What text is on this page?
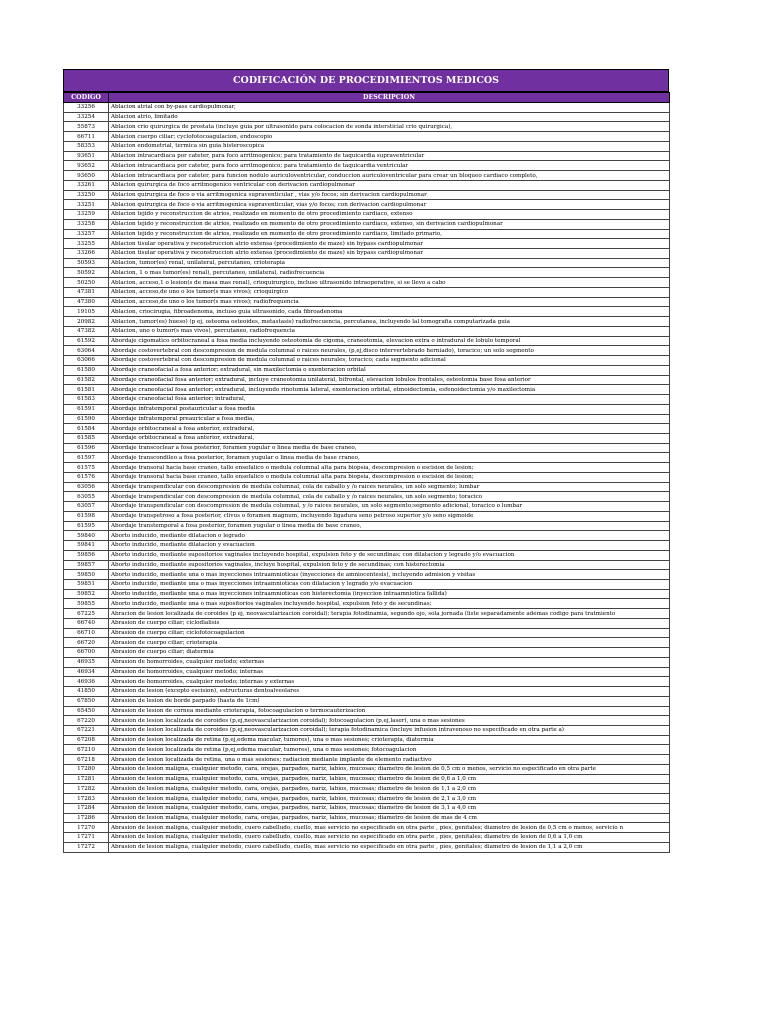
CODIFICACIÓN DE PROCEDIMIENTOS MEDICOS
CODIGO	DESCRIPCION
33256	Ablacion atrial con by-pass cardiopulmonar,
33254	Ablacion atrio, limitado
55873	Ablacion crio quirurgica de prostata (incluye guia por ultrasonido para colocacion de sonda intersticial crio quirurgica),
66711	Ablacion cuerpo ciliar; cyclofotocoagulacion, endoscopio
58353	Ablacion endometrial, termica sin guia histeroscopica
93651	Ablacion intracardiaca por cateter, para foco arritmogenico; para tratamiento de taquicardia supraventricular
93652	Ablacion intracardiaca por cateter, para foco arritmogenico; para tratamiento de taquicardia ventricular
93650	Ablacion intracardiaca por cateter, para funcion nodulo auriculoventricular, conduccion auriculoventricular para crear un bloqueo cardiaco completo,
33261	Ablacion quirurgica de foco arritmogenico ventricular con derivacion cardiopulmonar
33250	Ablacion quirurgica de foco o via arritmogenica supraventicular , vias y/o focos; sin derivacion cardiopulmonar
33251	Ablacion quirurgica de foco o via arritmogenica supraventicular, vias y/o focos; con derivacion cardiopulmonar
33259	Ablacion tejido y reconstruccion de atrios, realizado en momento de otro procedimiento cardiaco, extenso
33258	Ablacion tejido y reconstruccion de atrios, realizado en momento de otro procedimiento cardiaco, extenso, sin derivacion cardiopulmonar
33257	Ablacion tejido y reconstruccion de atrios, realizado en momento de otro procedimiento cardiaco, limitado primario,
33255	Ablacion tisular operativa y reconstruccion atrio extensa (procedimiento de maze) sin bypass cardiopulmonar
33266	Ablacion tisular operativa y reconstruccion atrio extensa (procedimiento de maze) sin bypass cardiopulmonar
50593	Ablacion, tumor(es) renal, unilateral, percutaneo, crioterapia
50592	Ablacion, 1 o mas tumor(es) renal), percutaneo, unilateral, radiofrecuencia
50250	Ablacion, acceso,1 o lesion(s de masa mas renal), crioquirurgico, incluso ultrasonido intraoperative, si se llevo a cabo
47381	Ablacion, acceso,de uno o los tumor(s mas vivos); crioquirgico
47380	Ablacion, acceso,de uno o los tumor(s mas vivos); radiofrequencia
19105	Ablacion, criocirugia, fibroadenoma, incluso guia ultrasonido, cada fibroadenoma
20982	Ablacion, tumor(es) hueso) (p ej, osteoma osteoides, metastasis) radiofrecuencia, percutanea, incluyendo lal tomografia computarizada guia
47382	Ablacion, uno o tumor(s mas vivos), percutaneo, radiofrequencia
61592	Abordaje cigomatico orbitocraneal a fosa media incluyendo osteotomia de cigoma, craneotomia, elevacion extra o intradural de lobulo temporal
63064	Abordaje costovertebral con descompresion de medula columnal o raices neurales, (p,ej,disco intervertebrado herniado), toracico; un solo segmento
63066	Abordaje costovertebral con descompresion de medula columnal o raices neurales, toracico; cada segmento adicional
61580	Abordaje craneofacial a fosa anterior; extradural, sin maxilectomia o exenteracion orbital
61582	Abordaje craneofacial fosa anterior; extradural, incluye craneotomia unilateral, bifrontal, elevacion lobulos frontales, osteotomia base fosa anterior
61581	Abordaje craneofacial fosa anterior; extradural, incluyendo rinotomia lateral, exenteracion orbital, etmoidectomia, esfenoidectomia y/o maxilectomia
61583	Abordaje craneofacial fosa anterior; intradural,
61591	Abordaje infratemporal postauricular a fosa media
61590	Abordaje infratemporal preauricular a fosa media,
61584	Abordaje orbitocraneal a fosa anterior, extradural,
61585	Abordaje orbitocraneal a fosa anterior, extradural,
61596	Abordaje transcoclear a fosa posterior, foramen yugular o linea media de base craneo,
61597	Abordaje transcondileo a fosa posterior, foramen yugular o linea media de base craneo,
61575	Abordaje transoral hacia base craneo, tallo ensefalico o medula columnal alta para biopsia, descompresion o escision de lesion;
61576	Abordaje transoral hacia base craneo, tallo ensefalico o medula columnal alta para biopsia, descompresion o escision de lesion;
63056	Abordaje transpendicular con descompresion de medula columnal, cola de caballo y /o raices neurales, un solo segmento; lumbar
63055	Abordaje transpendicular con descompresion de medula columnal, cola de caballo y /o raices neurales, un solo segmento; toracico
63057	Abordaje transpendicular con descompresion de medula columnal, y /o raices neurales, un solo segmento;segmento adicional, toracico o lumbar
61598	Abordaje transpetroso a fosa posterior, clivus o foramen magnum, incluyendo ligadura seno petroso superior y/o seno sigmoide
61595	Abordaje transtemporal a fosa posterior, foramen yugular o linea media de base craneo,
59840	Aborto inducido, mediante dilatacion o legrado
59841	Aborto inducido, mediante dilatacion y evacuacion
59856	Aborto inducido, mediante supositorios vaginales incluyendo hospital, expulsion feto y de secundinas; con dilatacion y legrado y/o evacuacion
59857	Aborto inducido, mediante supositorios vaginales, incluye hospital, expulsion feto y de secundinas; con histerectomia
59850	Aborto inducido, mediante una o mas inyecciones intraamnioticas (inyecciones de amniocentesis), incluyendo admision y visitas
59851	Aborto inducido, mediante una o mas inyecciones intraamnioticas con dilatacion y legrado y/o evacuacion
59852	Aborto inducido, mediante una o mas inyecciones intraamnioticas con histerectomia (inyeccion intraamniotica fallida)
59855	Aborto inducido, mediante una o mas supositorios vaginales incluyendo hospital, expulsion feto y de secundinas;
67225	Abracion de lesion localizada de coroides (p ej, neovascularizacion coroidal); terapia fotodinamia, segundo ojo, sola jornada (liste separadamente ademas codigo para tratmiento
66740	Abrasion de cuerpo ciliar; ciclodialisis
66710	Abrasion de cuerpo ciliar; ciclofotocoagulacion
66720	Abrasion de cuerpo ciliar; crioterapia
66700	Abrasion de cuerpo ciliar; diatermia
46935	Abrasion de homorroides, cualquier metodo; externas
46934	Abrasion de homorroides, cualquier metodo; internas
46936	Abrasion de homorroides, cualquier metodo; internas y externas
41850	Abrasion de lesion (excepto escision), estructuras dentoalveolares
67850	Abrasion de lesion de borde parpado (hasta de 1cm)
65450	Abrasion de lesion de cornea mediante crioterapia, fotocoagulacion o termocauterizacion
67220	Abrasion de lesion localizada de coroides (p,ej,neovascularizacion coroidal); fotocoagulacion (p,ej,laser), una o mas sesiones
67221	Abrasion de lesion localizada de coroides (p,ej,neovascularizacion coroidal); terapia fotodinamica (incluye infusion intravenoso no especificado en otra parte a)
67208	Abrasion de lesion localizada de retina (p,ej,edema macular, tumores), una o mas sesiones; crioterapia, diatermia
67210	Abrasion de lesion localizada de retina (p,ej,edema macular, tumores), una o mas sesiones; fotocoagulacion
67218	Abrasion de lesion localizada de retina, una o mas sesiones; radiacion mediante implante de elemento radiactivo
17280	Abrasion de lesion maligna, cualquier metodo, cara, orejas, parpados, nariz, labios, mucosas; diametro de lesion de 0,5 cm o menos, servicio no especificado en otra parte
17281	Abrasion de lesion maligna, cualquier metodo, cara, orejas, parpados, nariz, labios, mucosas; diametro de lesion de 0,6 a 1,0 cm
17282	Abrasion de lesion maligna, cualquier metodo, cara, orejas, parpados, nariz, labios, mucosas; diametro de lesion de 1,1 a 2,0 cm
17283	Abrasion de lesion maligna, cualquier metodo, cara, orejas, parpados, nariz, labios, mucosas; diametro de lesion de 2,1 a 3,0 cm
17284	Abrasion de lesion maligna, cualquier metodo, cara, orejas, parpados, nariz, labios, mucosas; diametro de lesion de 3,1 a 4,0 cm
17286	Abrasion de lesion maligna, cualquier metodo, cara, orejas, parpados, nariz, labios, mucosas; diametro de lesion de mas de 4 cm
17270	Abrasion de lesion maligna, cualquier metodo, cuero cabelludo, cuello, mas servicio no especificado en otra parte , pies, genitales; diametro de lesion de 0,5 cm o menos, servicio n
17271	Abrasion de lesion maligna, cualquier metodo, cuero cabelludo, cuello, mas servicio no especificado en otra parte , pies, genitales; diametro de lesion de 0,6 a 1,0 cm
17272	Abrasion de lesion maligna, cualquier metodo, cuero cabelludo, cuello, mas servicio no especificado en otra parte , pies, genitales; diametro de lesion de 1,1 a 2,0 cm
